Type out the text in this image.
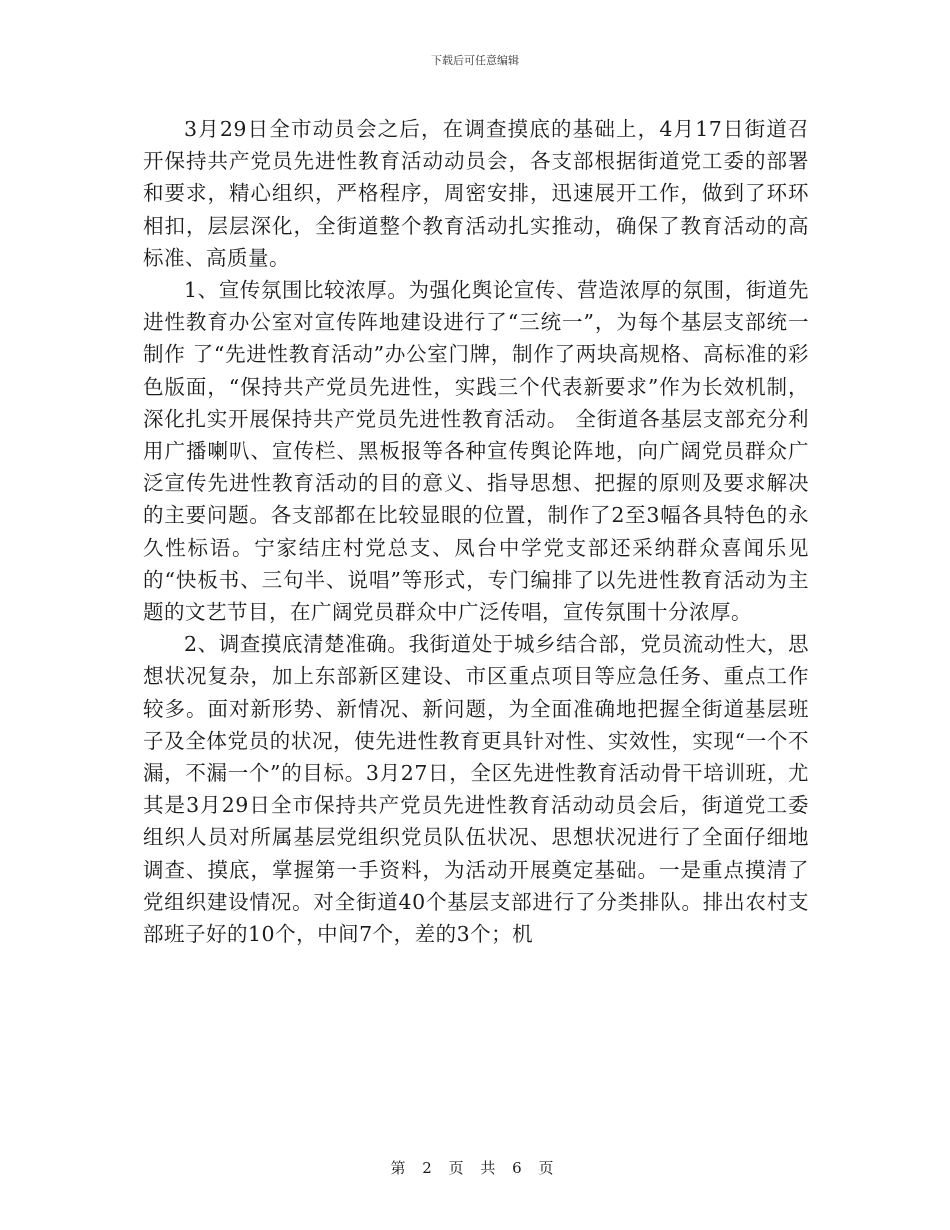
下载后可任意编辑

3月29日全市动员会之后，在调查摸底的基础上，4月17日街道召开保持共产党员先进性教育活动动员会，各支部根据街道党工委的部署和要求，精心组织，严格程序，周密安排，迅速展开工作，做到了环环相扣，层层深化，全街道整个教育活动扎实推动，确保了教育活动的高标准、高质量。

1、宣传氛围比较浓厚。为强化舆论宣传、营造浓厚的氛围，街道先进性教育办公室对宣传阵地建设进行了“三统一”，为每个基层支部统一制作 了“先进性教育活动”办公室门牌，制作了两块高规格、高标准的彩色版面，“保持共产党员先进性，实践三个代表新要求”作为长效机制，深化扎实开展保持共产党员先进性教育活动。 全街道各基层支部充分利用广播喇叭、宣传栏、黑板报等各种宣传舆论阵地，向广阔党员群众广泛宣传先进性教育活动的目的意义、指导思想、把握的原则及要求解决的主要问题。各支部都在比较显眼的位置，制作了2至3幅各具特色的永久性标语。宁家结庄村党总支、凤台中学党支部还采纳群众喜闻乐见的“快板书、三句半、说唱”等形式，专门编排了以先进性教育活动为主题的文艺节目，在广阔党员群众中广泛传唱，宣传氛围十分浓厚。

2、调查摸底清楚准确。我街道处于城乡结合部，党员流动性大，思想状况复杂，加上东部新区建设、市区重点项目等应急任务、重点工作较多。面对新形势、新情况、新问题，为全面准确地把握全街道基层班子及全体党员的状况，使先进性教育更具针对性、实效性，实现“一个不漏，不漏一个”的目标。3月27日，全区先进性教育活动骨干培训班，尤其是3月29日全市保持共产党员先进性教育活动动员会后，街道党工委组织人员对所属基层党组织党员队伍状况、思想状况进行了全面仔细地调查、摸底，掌握第一手资料，为活动开展奠定基础。一是重点摸清了党组织建设情况。对全街道40个基层支部进行了分类排队。排出农村支部班子好的10个，中间7个，差的3个；机

第 2 页 共 6 页
